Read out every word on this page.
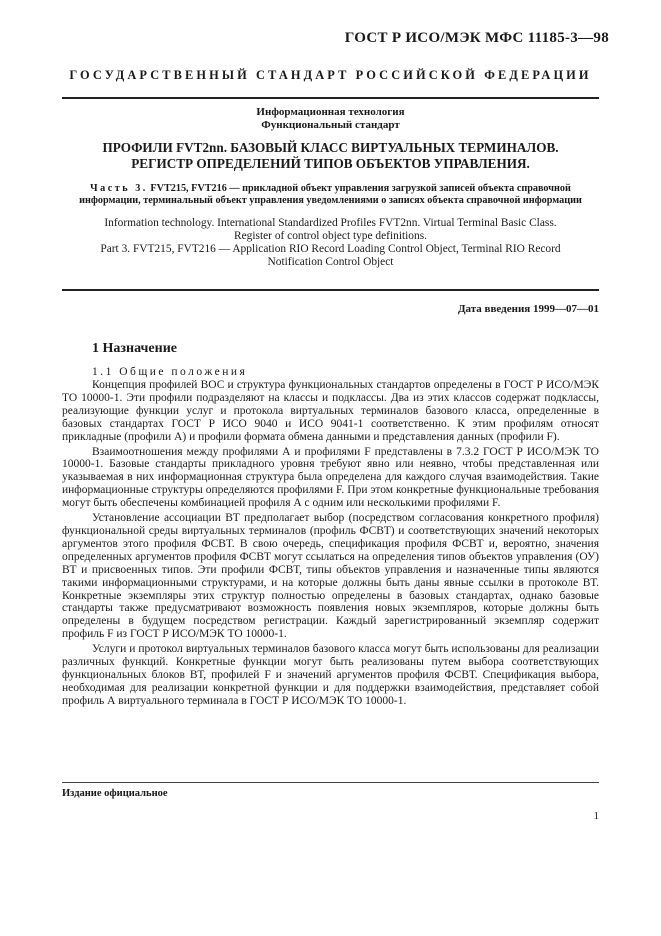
ГОСТ Р ИСО/МЭК МФС 11185-3—98
ГОСУДАРСТВЕННЫЙ СТАНДАРТ РОССИЙСКОЙ ФЕДЕРАЦИИ
Информационная технология
Функциональный стандарт
ПРОФИЛИ FVT2nn. БАЗОВЫЙ КЛАСС ВИРТУАЛЬНЫХ ТЕРМИНАЛОВ.
РЕГИСТР ОПРЕДЕЛЕНИЙ ТИПОВ ОБЪЕКТОВ УПРАВЛЕНИЯ.
Часть 3. FVT215, FVT216 — прикладной объект управления загрузкой записей объекта справочной информации, терминальный объект управления уведомлениями о записях объекта справочной информации
Information technology. International Standardized Profiles FVT2nn. Virtual Terminal Basic Class.
Register of control object type definitions.
Part 3. FVT215, FVT216 — Application RIO Record Loading Control Object, Terminal RIO Record
Notification Control Object
Дата введения 1999—07—01
1 Назначение
1.1 Общие положения

Концепция профилей ВОС и структура функциональных стандартов определены в ГОСТ Р ИСО/МЭК ТО 10000-1. Эти профили подразделяют на классы и подклассы. Два из этих классов содержат подклассы, реализующие функции услуг и протокола виртуальных терминалов базового класса, определенные в базовых стандартах ГОСТ Р ИСО 9040 и ИСО 9041-1 соответственно. К этим профилям относят прикладные (профили А) и профили формата обмена данными и представления данных (профили F).

Взаимоотношения между профилями А и профилями F представлены в 7.3.2 ГОСТ Р ИСО/МЭК ТО 10000-1. Базовые стандарты прикладного уровня требуют явно или неявно, чтобы представленная или указываемая в них информационная структура была определена для каждого случая взаимодействия. Такие информационные структуры определяются профилями F. При этом конкретные функциональные требования могут быть обеспечены комбинацией профиля А с одним или несколькими профилями F.

Установление ассоциации ВТ предполагает выбор (посредством согласования конкретного профиля) функциональной среды виртуальных терминалов (профиль ФСВТ) и соответствующих значений некоторых аргументов этого профиля ФСВТ. В свою очередь, спецификация профиля ФСВТ и, вероятно, значения определенных аргументов профиля ФСВТ могут ссылаться на определения типов объектов управления (ОУ) ВТ и присвоенных типов. Эти профили ФСВТ, типы объектов управления и назначенные типы являются такими информационными структурами, и на которые должны быть даны явные ссылки в протоколе ВТ. Конкретные экземпляры этих структур полностью определены в базовых стандартах, однако базовые стандарты также предусматривают возможность появления новых экземпляров, которые должны быть определены в будущем посредством регистрации. Каждый зарегистрированный экземпляр содержит профиль F из ГОСТ Р ИСО/МЭК ТО 10000-1.

Услуги и протокол виртуальных терминалов базового класса могут быть использованы для реализации различных функций. Конкретные функции могут быть реализованы путем выбора соответствующих функциональных блоков ВТ, профилей F и значений аргументов профиля ФСВТ. Спецификация выбора, необходимая для реализации конкретной функции и для поддержки взаимодействия, представляет собой профиль А виртуального терминала в ГОСТ Р ИСО/МЭК ТО 10000-1.

Издание официальное
1
